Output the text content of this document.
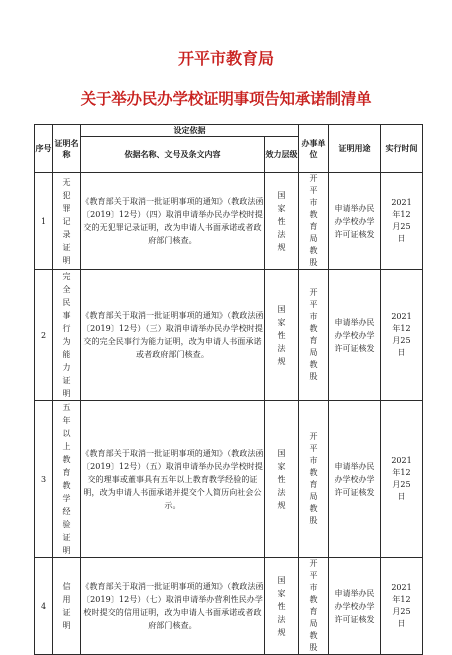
开平市教育局
关于举办民办学校证明事项告知承诺制清单
序号	证明名称	设定依据		办事单位	证明用途	实行时间
		依据名称、文号及条文内容	效力层级			
1	无犯罪记录证明	《教育部关于取消一批证明事项的通知》（教政法函〔2019〕12号）（四）取消申请举办民办学校时提交的无犯罪记录证明，改为申请人书面承诺或者政府部门核查。	国家性法规	开平市教育局教股	申请举办民办学校办学许可证核发	2021年12月25日

2	完全民事行为能力证明	《教育部关于取消一批证明事项的通知》（教政法函〔2019〕12号）（三）取消申请举办民办学校时提交的完全民事行为能力证明，改为申请人书面承诺或者政府部门核查。	国家性法规	开平市教育局教股	申请举办民办学校办学许可证核发	2021年12月25日

3	五年以上教育教学经验证明	《教育部关于取消一批证明事项的通知》（教政法函〔2019〕12号）（五）取消申请举办民办学校时提交的理事或董事具有五年以上教育教学经验的证明，改为申请人书面承诺并提交个人简历向社会公示。	国家性法规	开平市教育局教股	申请举办民办学校办学许可证核发	2021年12月25日

4	信用证明	《教育部关于取消一批证明事项的通知》（教政法函〔2019〕12号）（七）取消申请举办营利性民办学校时提交的信用证明，改为申请人书面承诺或者政府部门核查。	国家性法规	开平市教育局教股	申请举办民办学校办学许可证核发	2021年12月25日
